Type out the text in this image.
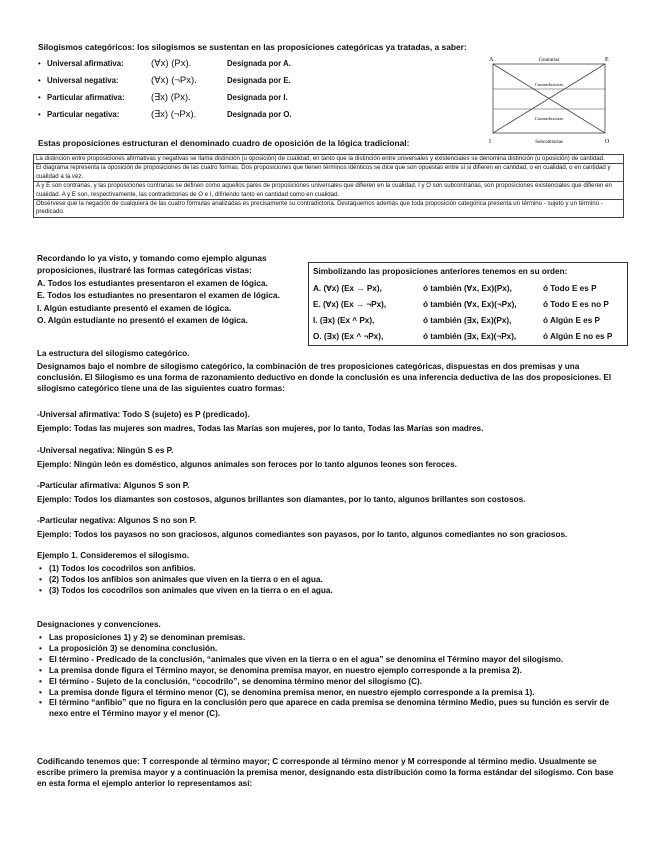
Silogismos categóricos: los silogismos se sustentan en las proposiciones categóricas ya tratadas, a saber:
• Universal afirmativa:	(∀x) (Px).	Designada por A.
• Universal negativa:	(∀x) (¬Px).	Designada por E.
• Particular afirmativa:	(∃x) (Px).	Designada por I.
• Particular negativa:	(∃x) (¬Px).	Designada por O.
A	E
I	O
Contrarias
Subcontrarias
Contradictorias
Contradictorias
Estas proposiciones estructuran el denominado cuadro de oposición de la lógica tradicional:

La distinción entre proposiciones afirmativas y negativas se llama distinción (u oposición) de cualidad, en tanto que la distinción entre universales y existenciales se denomina distinción (u oposición) de cantidad.

El diagrama representa la oposición de proposiciones de las cuatro formas. Dos proposiciones que tienen términos idénticos se dice que son opuestas entre sí si difieren en cantidad, o en cualidad, o en cantidad y cualidad a la vez.

A y E son contrarias, y las proposiciones contrarias se definen como aquellos pares de proposiciones universales que difieren en la cualidad. I y O son subcontrarias, son proposiciones existenciales que difieren en cualidad. A y E son, respectivamente, las contradictorias de O e I, difiriendo tanto en cantidad como en cualidad.

Obsérvese que la negación de cualquiera de las cuatro fórmulas analizadas es precisamente su contradictoria. Destaquemos además que toda proposición categórica presenta un término - sujeto y un término - predicado.

Recordando lo ya visto, y tomando como ejemplo algunas
proposiciones, ilustraré las formas categóricas vistas:
A. Todos los estudiantes presentaron el examen de lógica.
E. Todos los estudiantes no presentaron el examen de lógica.
I. Algún estudiante presentó el examen de lógica.
O. Algún estudiante no presentó el examen de lógica.
Simbolizando las proposiciones anteriores tenemos en su orden:
A. (∀x) (Ex → Px),	ó también (∀x, Ex)(Px),	ó Todo E es P
E. (∀x) (Ex → ¬Px),	ó también (∀x, Ex)(¬Px),	ó Todo E es no P
I. (∃x) (Ex ^ Px),	ó también (∃x, Ex)(Px),	ó Algún E es P
O. (∃x) (Ex ^ ¬Px),	ó también (∃x, Ex)(¬Px),	ó Algún E no es P
La estructura del silogismo categórico.
Designamos bajo el nombre de silogismo categórico, la combinación de tres proposiciones categóricas, dispuestas en dos premisas y una conclusión. El Silogismo es una forma de razonamiento deductivo en donde la conclusión es una inferencia deductiva de las dos proposiciones. El silogismo categórico tiene una de las siguientes cuatro formas:
-Universal afirmativa: Todo S (sujeto) es P (predicado).
Ejemplo: Todas las mujeres son madres, Todas las Marías son mujeres, por lo tanto, Todas las Marías son madres.
-Universal negativa: Ningún S es P.
Ejemplo: Ningún león es doméstico, algunos animales son feroces por lo tanto algunos leones son feroces.
-Particular afirmativa: Algunos S son P.
Ejemplo: Todos los diamantes son costosos, algunos brillantes son diamantes, por lo tanto, algunos brillantes son costosos.
-Particular negativa: Algunos S no son P.
Ejemplo: Todos los payasos no son graciosos, algunos comediantes son payasos, por lo tanto, algunos comediantes no son graciosos.
Ejemplo 1. Consideremos el silogismo.
• (1) Todos los cocodrilos son anfibios.
• (2) Todos los anfibios son animales que viven en la tierra o en el agua.
• (3) Todos los cocodrilos son animales que viven en la tierra o en el agua.
Designaciones y convenciones.
• Las proposiciones 1) y 2) se denominan premisas.
• La proposición 3) se denomina conclusión.
• El término - Predicado de la conclusión, “animales que viven en la tierra o en el agua” se denomina el Término mayor del silogismo.
• La premisa donde figura el Término mayor, se denomina premisa mayor, en nuestro ejemplo corresponde a la premisa 2).
• El término - Sujeto de la conclusión, “cocodrilo”, se denomina término menor del silogismo (C).
• La premisa donde figura el término menor (C), se denomina premisa menor, en nuestro ejemplo corresponde a la premisa 1).
• El término “anfibio” que no figura en la conclusión pero que aparece en cada premisa se denomina término Medio, pues su función es servir de nexo entre el Término mayor y el menor (C).
Codificando tenemos que: T corresponde al término mayor; C corresponde al término menor y M corresponde al término medio. Usualmente se escribe primero la premisa mayor y a continuación la premisa menor, designando esta distribución como la forma estándar del silogismo. Con base en esta forma el ejemplo anterior lo representamos así:
